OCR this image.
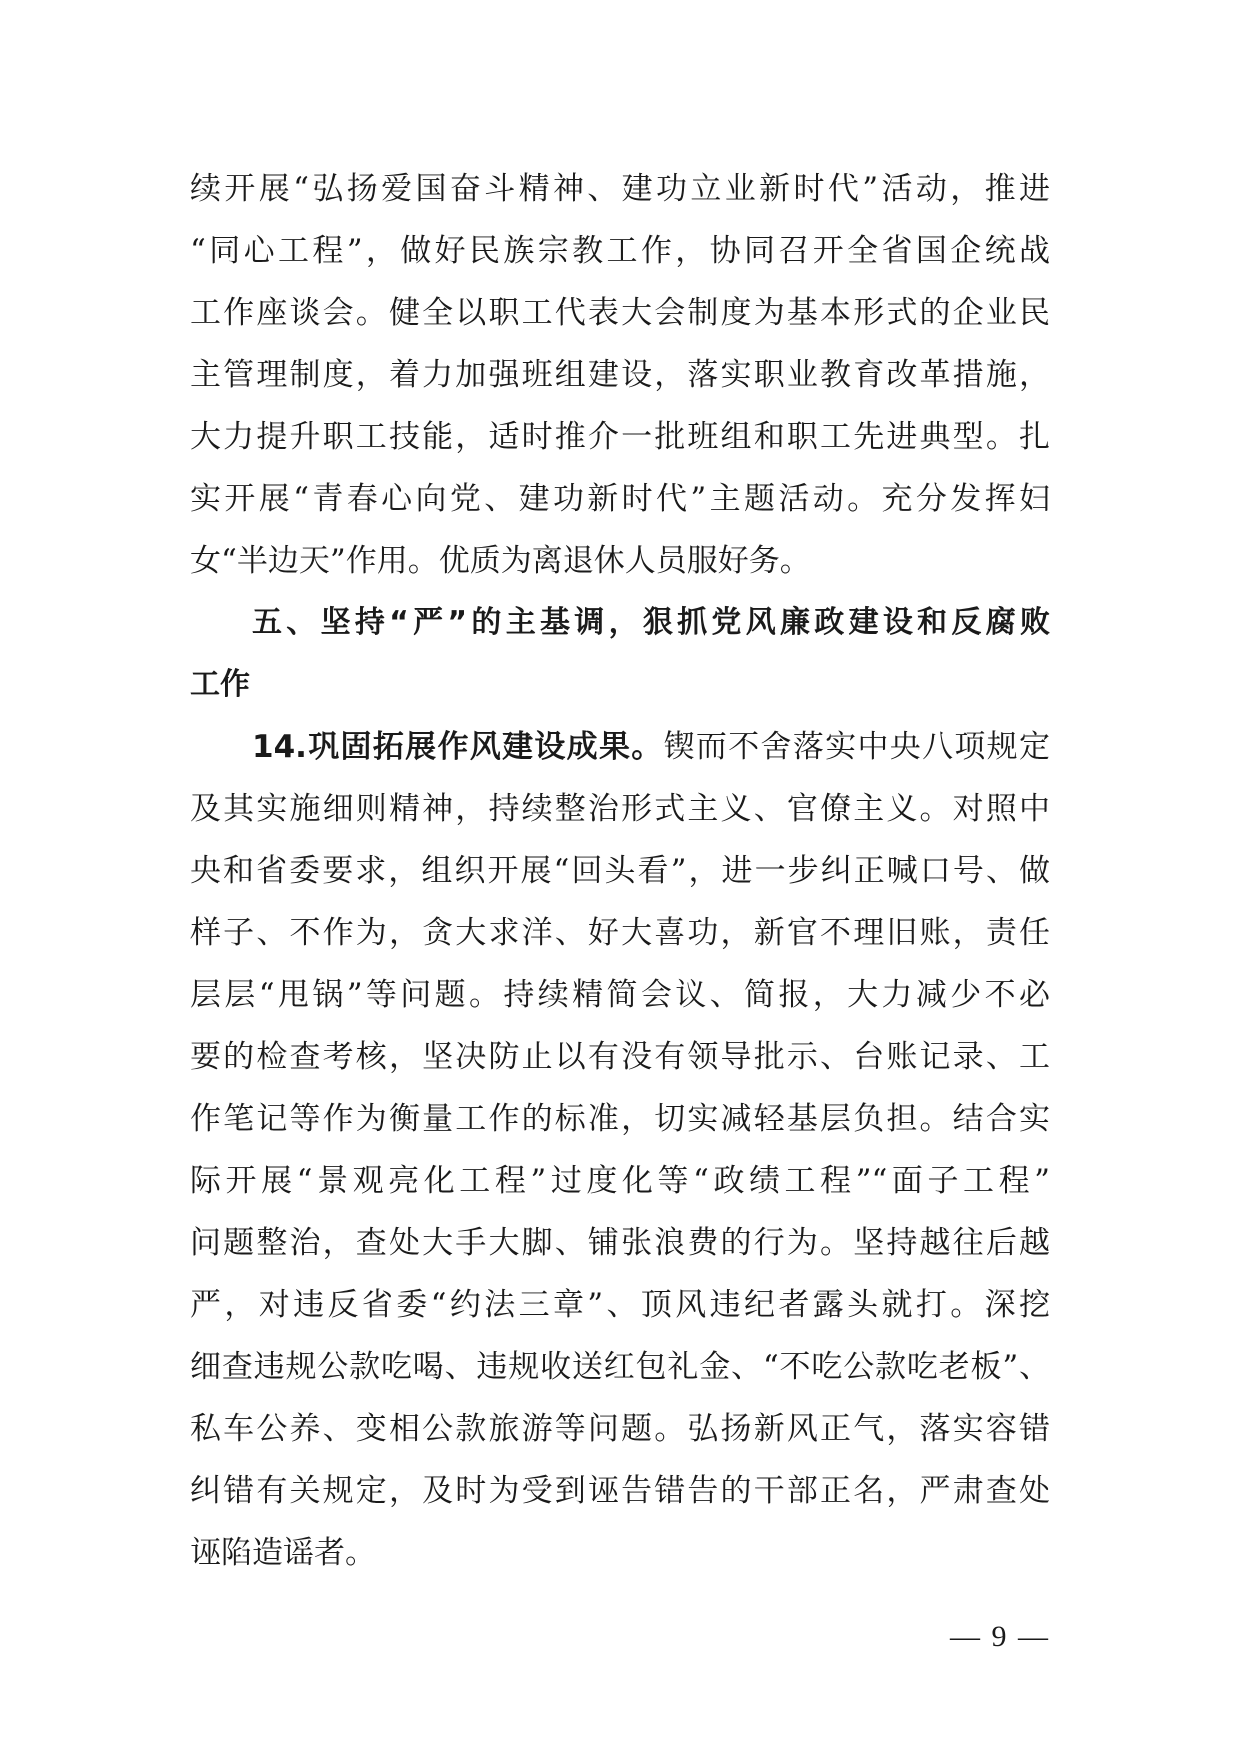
续开展“弘扬爱国奋斗精神、建功立业新时代”活动，推进
“同心工程”，做好民族宗教工作，协同召开全省国企统战
工作座谈会。健全以职工代表大会制度为基本形式的企业民
主管理制度，着力加强班组建设，落实职业教育改革措施，
大力提升职工技能，适时推介一批班组和职工先进典型。扎
实开展“青春心向党、建功新时代”主题活动。充分发挥妇
女“半边天”作用。优质为离退休人员服好务。
五、坚持“严”的主基调，狠抓党风廉政建设和反腐败
工作
14.巩固拓展作风建设成果。锲而不舍落实中央八项规定
及其实施细则精神，持续整治形式主义、官僚主义。对照中
央和省委要求，组织开展“回头看”，进一步纠正喊口号、做
样子、不作为，贪大求洋、好大喜功，新官不理旧账，责任
层层“甩锅”等问题。持续精简会议、简报，大力减少不必
要的检查考核，坚决防止以有没有领导批示、台账记录、工
作笔记等作为衡量工作的标准，切实减轻基层负担。结合实
际开展“景观亮化工程”过度化等“政绩工程”“面子工程”
问题整治，查处大手大脚、铺张浪费的行为。坚持越往后越
严，对违反省委“约法三章”、顶风违纪者露头就打。深挖
细查违规公款吃喝、违规收送红包礼金、“不吃公款吃老板”、
私车公养、变相公款旅游等问题。弘扬新风正气，落实容错
纠错有关规定，及时为受到诬告错告的干部正名，严肃查处
诬陷造谣者。
— 9 —
